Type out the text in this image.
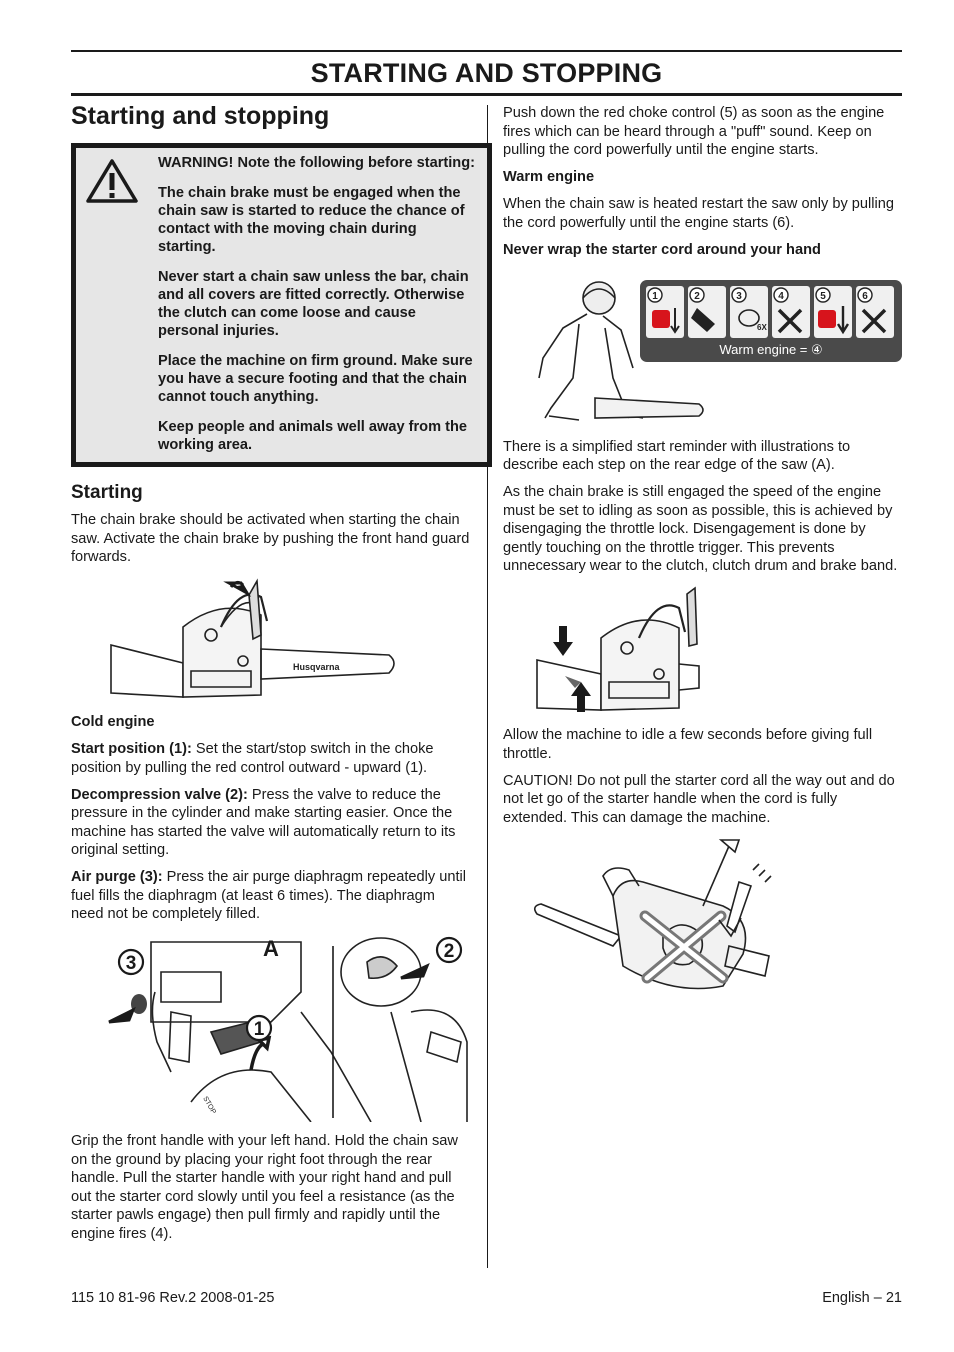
STARTING AND STOPPING
Starting and stopping

WARNING! Note the following before starting:

The chain brake must be engaged when the chain saw is started to reduce the chance of contact with the moving chain during starting.

Never start a chain saw unless the bar, chain and all covers are fitted correctly. Otherwise the clutch can come loose and cause personal injuries.

Place the machine on firm ground. Make sure you have a secure footing and that the chain cannot touch anything.

Keep people and animals well away from the working area.

Starting

The chain brake should be activated when starting the chain saw. Activate the chain brake by pushing the front hand guard forwards.

Husqvarna

Cold engine

Start position (1): Set the start/stop switch in the choke position by pulling the red control outward - upward (1).

Decompression valve (2): Press the valve to reduce the pressure in the cylinder and make starting easier. Once the machine has started the valve will automatically return to its original setting.

Air purge (3): Press the air purge diaphragm repeatedly until fuel fills the diaphragm (at least 6 times). The diaphragm need not be completely filled.

3
A	2
1
STOP

Grip the front handle with your left hand. Hold the chain saw on the ground by placing your right foot through the rear handle. Pull the starter handle with your right hand and pull out the starter cord slowly until you feel a resistance (as the starter pawls engage) then pull firmly and rapidly until the engine fires (4).

Push down the red choke control (5) as soon as the engine fires which can be heard through a "puff" sound. Keep on pulling the cord powerfully until the engine starts.

Warm engine

When the chain saw is heated restart the saw only by pulling the cord powerfully until the engine starts (6).

Never wrap the starter cord around your hand

1	2	3	4	5	6
6X
Warm engine = ④

There is a simplified start reminder with illustrations to describe each step on the rear edge of the saw (A).

As the chain brake is still engaged the speed of the engine must be set to idling as soon as possible, this is achieved by disengaging the throttle lock. Disengagement is done by gently touching on the throttle trigger. This prevents unnecessary wear to the clutch, clutch drum and brake band.

Allow the machine to idle a few seconds before giving full throttle.

CAUTION! Do not pull the starter cord all the way out and do not let go of the starter handle when the cord is fully extended. This can damage the machine.

115 10 81-96 Rev.2 2008-01-25	English – 21
